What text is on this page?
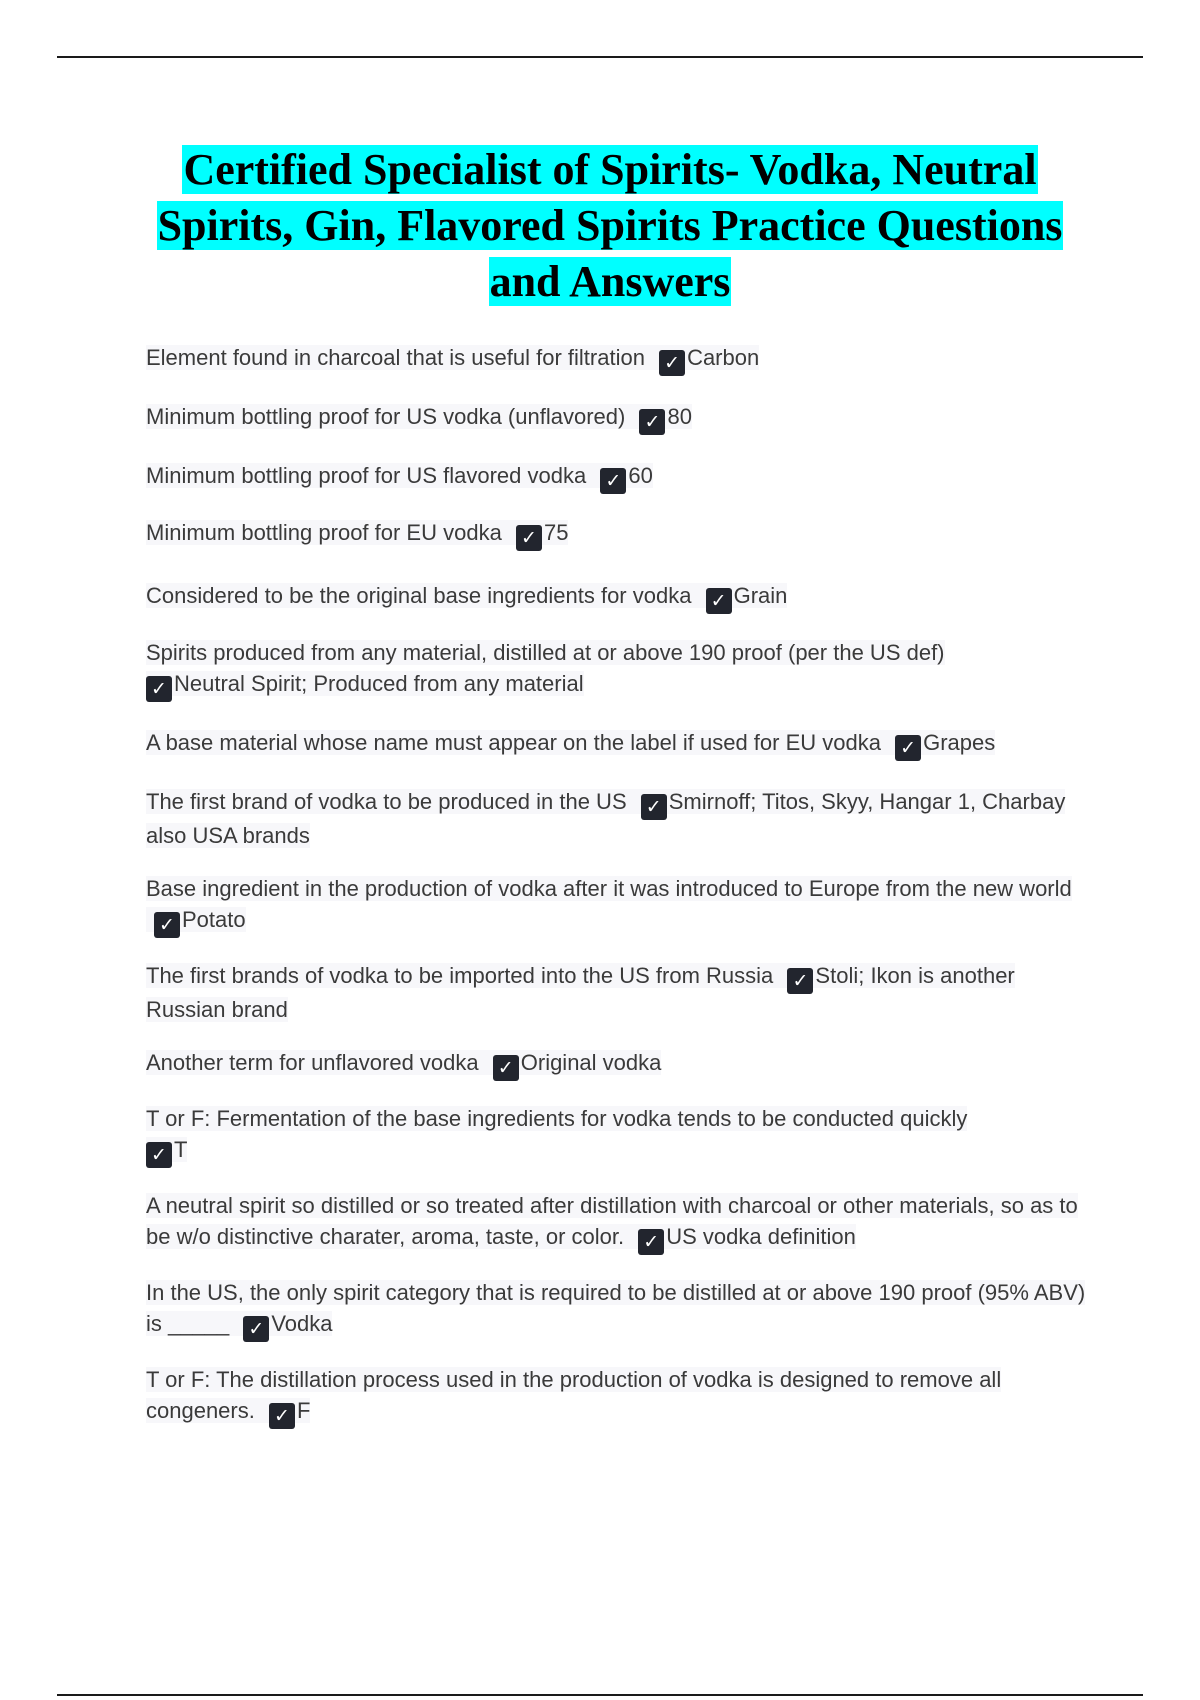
Certified Specialist of Spirits- Vodka, Neutral Spirits, Gin, Flavored Spirits Practice Questions and Answers
Element found in charcoal that is useful for filtration ✓ Carbon
Minimum bottling proof for US vodka (unflavored) ✓ 80
Minimum bottling proof for US flavored vodka ✓ 60
Minimum bottling proof for EU vodka ✓ 75
Considered to be the original base ingredients for vodka ✓ Grain
Spirits produced from any material, distilled at or above 190 proof (per the US def)
✓ Neutral Spirit; Produced from any material
A base material whose name must appear on the label if used for EU vodka ✓ Grapes
The first brand of vodka to be produced in the US ✓ Smirnoff; Titos, Skyy, Hangar 1, Charbay also USA brands
Base ingredient in the production of vodka after it was introduced to Europe from the new world ✓ Potato
The first brands of vodka to be imported into the US from Russia ✓ Stoli; Ikon is another Russian brand
Another term for unflavored vodka ✓ Original vodka
T or F: Fermentation of the base ingredients for vodka tends to be conducted quickly
✓ T
A neutral spirit so distilled or so treated after distillation with charcoal or other materials, so as to be w/o distinctive charater, aroma, taste, or color. ✓ US vodka definition
In the US, the only spirit category that is required to be distilled at or above 190 proof (95% ABV) is _____ ✓ Vodka
T or F: The distillation process used in the production of vodka is designed to remove all congeners. ✓ F
